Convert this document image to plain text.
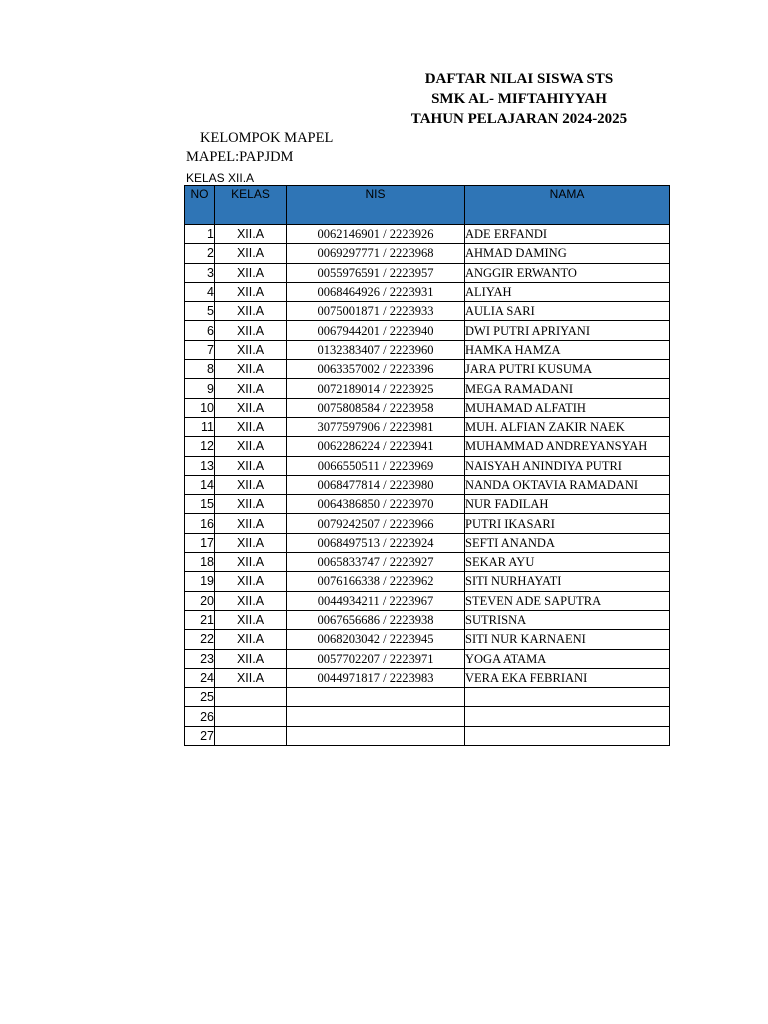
DAFTAR NILAI SISWA STS
SMK AL- MIFTAHIYYAH
TAHUN PELAJARAN 2024-2025
KELOMPOK MAPEL
MAPEL:PAPJDM
KELAS XII.A
NO	KELAS	NIS	NAMA
1	XII.A	0062146901 / 2223926	ADE ERFANDI
2	XII.A	0069297771 / 2223968	AHMAD DAMING
3	XII.A	0055976591 / 2223957	ANGGIR ERWANTO
4	XII.A	0068464926 / 2223931	ALIYAH
5	XII.A	0075001871 / 2223933	AULIA SARI
6	XII.A	0067944201 / 2223940	DWI PUTRI APRIYANI
7	XII.A	0132383407 / 2223960	HAMKA HAMZA
8	XII.A	0063357002 / 2223396	JARA PUTRI KUSUMA
9	XII.A	0072189014 / 2223925	MEGA RAMADANI
10	XII.A	0075808584 / 2223958	MUHAMAD ALFATIH
11	XII.A	3077597906 / 2223981	MUH. ALFIAN ZAKIR NAEK
12	XII.A	0062286224 / 2223941	MUHAMMAD ANDREYANSYAH
13	XII.A	0066550511 / 2223969	NAISYAH ANINDIYA PUTRI
14	XII.A	0068477814 / 2223980	NANDA OKTAVIA RAMADANI
15	XII.A	0064386850 / 2223970	NUR FADILAH
16	XII.A	0079242507 / 2223966	PUTRI IKASARI
17	XII.A	0068497513 / 2223924	SEFTI ANANDA
18	XII.A	0065833747 / 2223927	SEKAR AYU
19	XII.A	0076166338 / 2223962	SITI NURHAYATI
20	XII.A	0044934211 / 2223967	STEVEN ADE SAPUTRA
21	XII.A	0067656686 / 2223938	SUTRISNA
22	XII.A	0068203042 / 2223945	SITI NUR KARNAENI
23	XII.A	0057702207 / 2223971	YOGA ATAMA
24	XII.A	0044971817 / 2223983	VERA EKA FEBRIANI
25			
26			
27			
